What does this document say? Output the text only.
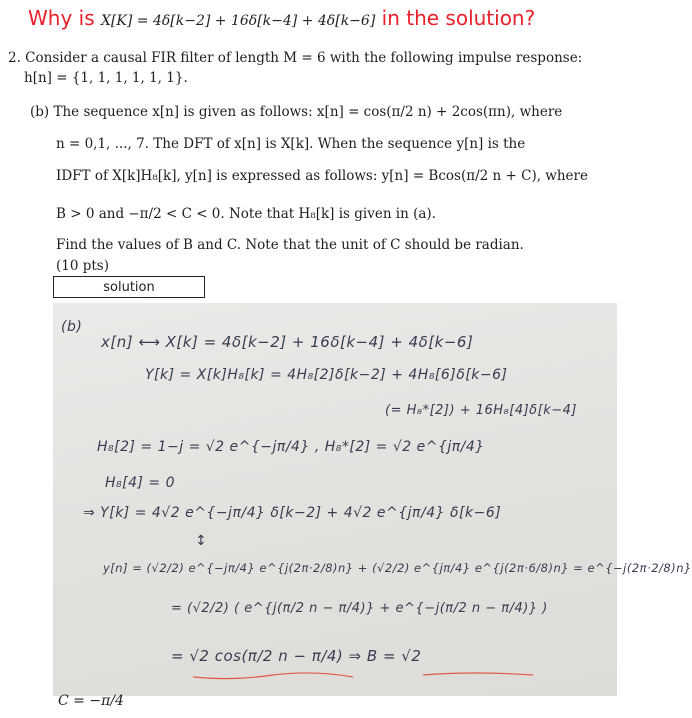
Why is X[K] = 4δ[k−2] + 16δ[k−4] + 4δ[k−6] in the solution?
2. Consider a causal FIR filter of length M = 6 with the following impulse response:
h[n] = {1, 1, 1, 1, 1, 1}.
(b) The sequence x[n] is given as follows: x[n] = cos(π/2 n) + 2cos(πn), where
n = 0,1, ..., 7. The DFT of x[n] is X[k]. When the sequence y[n] is the
IDFT of X[k]H₈[k], y[n] is expressed as follows: y[n] = Bcos(π/2 n + C), where
B > 0 and −π/2 < C < 0. Note that H₈[k] is given in (a).
Find the values of B and C. Note that the unit of C should be radian.
(10 pts)
solution
(b)
x[n] ⟷ X[k] = 4δ[k−2] + 16δ[k−4] + 4δ[k−6]
Y[k] = X[k]H₈[k] = 4H₈[2]δ[k−2] + 4H₈[6]δ[k−6]
(= H₈*[2]) + 16H₈[4]δ[k−4]
H₈[2] = 1−j = √2 e^{−jπ/4} , H₈*[2] = √2 e^{jπ/4}
H₈[4] = 0
⇒ Y[k] = 4√2 e^{−jπ/4} δ[k−2] + 4√2 e^{jπ/4} δ[k−6]
↕
y[n] = (√2/2) e^{−jπ/4} e^{j(2π·2/8)n} + (√2/2) e^{jπ/4} e^{j(2π·6/8)n} = e^{−j(2π·2/8)n}
= (√2/2) ( e^{j(π/2 n − π/4)} + e^{−j(π/2 n − π/4)} )
= √2 cos(π/2 n − π/4) ⇒ B = √2
C = −π/4
